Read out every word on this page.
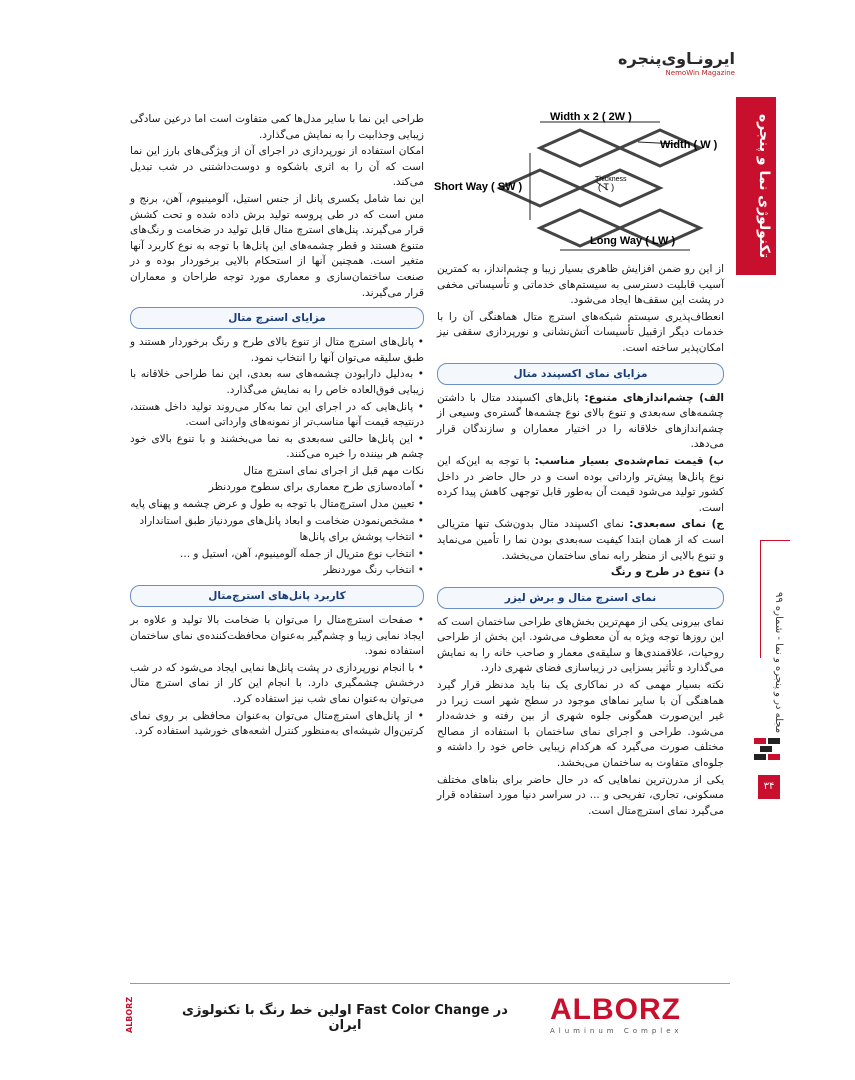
ایرونـاوی‌پنجره
NemoWin Magazine
تکنولوژی نما و پنجره
مجله در و پنجره و نما - شماره ۹۹
۳۴
Width x 2 ( 2W )
Width ( W )
Short Way ( SW )
Thickness
( T )
Long Way ( LW )

از این رو ضمن افزایش ظاهری بسیار زیبا و چشم‌انداز، به کمترین آسیب قابلیت دسترسی به سیستم‌های خدماتی و تأسیساتی مخفی در پشت این سقف‌ها ایجاد می‌شود.

انعطاف‌پذیری سیستم شبکه‌های استرچ متال هماهنگی آن را با خدمات دیگر ازقبیل تأسیسات آتش‌نشانی و نورپردازی سقفی نیز امکان‌پذیر ساخته است.

مزایای نمای اکسپندد متال

الف) چشم‌اندازهای متنوع: پانل‌های اکسپندد متال با داشتن چشمه‌های سه‌بعدی و تنوع بالای نوع چشمه‌ها گستره‌ی وسیعی از چشم‌اندازهای خلاقانه را در اختیار معماران و سازندگان قرار می‌دهد.

ب) قیمت تمام‌شده‌ی بسیار مناسب: با توجه به این‌که این نوع پانل‌ها پیش‌تر وارداتی بوده است و در حال حاضر در داخل کشور تولید می‌شود قیمت آن به‌طور قابل توجهی کاهش پیدا کرده است.

ج) نمای سه‌بعدی: نمای اکسپندد متال بدون‌شک تنها متریالی است که از همان ابتدا کیفیت سه‌بعدی بودن نما را تأمین می‌نماید و تنوع بالایی از منظر رابه نمای ساختمان می‌بخشد.

د) تنوع در طرح و رنگ

نمای استرچ متال و برش لیزر

نمای بیرونی یکی از مهم‌ترین بخش‌های طراحی ساختمان است که این روزها توجه ویژه به آن معطوف می‌شود. این بخش از طراحی روحیات، علاقمندی‌ها و سلیقه‌ی معمار و صاحب خانه را به نمایش می‌گذارد و تأثیر بسزایی در زیباسازی فضای شهری دارد.

نکته بسیار مهمی که در نماکاری یک بنا باید مدنظر قرار گیرد هماهنگی آن با سایر نماهای موجود در سطح شهر است زیرا در غیر این‌صورت همگونی جلوه شهری از بین رفته و خدشه‌دار می‌شود. طراحی و اجرای نمای ساختمان با استفاده از مصالح مختلف صورت می‌گیرد که هرکدام زیبایی خاص خود را داشته و جلوه‌ای متفاوت به ساختمان می‌بخشد.

یکی از مدرن‌ترین نماهایی که در حال حاضر برای بناهای مختلف مسکونی، تجاری، تفریحی و ... در سراسر دنیا مورد استفاده قرار می‌گیرد نمای استرچ‌متال است.

طراحی این نما با سایر مدل‌ها کمی متفاوت است اما درعین سادگی زیبایی وجذابیت را به نمایش می‌گذارد.

امکان استفاده از نورپردازی در اجرای آن از ویژگی‌های بارز این نما است که آن را به اثری باشکوه و دوست‌داشتنی در شب تبدیل می‌کند.

این نما شامل یکسری پانل از جنس استیل، آلومینیوم، آهن، برنج و مس است که در طی پروسه تولید برش داده شده و تحت کشش قرار می‌گیرند. پنل‌های استرچ متال قابل تولید در ضخامت و رنگ‌های متنوع هستند و قطر چشمه‌های این پانل‌ها با توجه به نوع کاربرد آنها متغیر است. همچنین آنها از استحکام بالایی برخوردار بوده و در صنعت ساختمان‌سازی و معماری مورد توجه طراحان و معماران قرار می‌گیرند.

مزایای استرچ متال

• پانل‌های استرچ متال از تنوع بالای طرح و رنگ برخوردار هستند و طبق سلیقه می‌توان آنها را انتخاب نمود.

• به‌دلیل دارابودن چشمه‌های سه بعدی، این نما طراحی خلاقانه با زیبایی فوق‌العاده خاص را به نمایش می‌گذارد.

• پانل‌هایی که در اجرای این نما به‌کار می‌روند تولید داخل هستند، درنتیجه قیمت آنها مناسب‌تر از نمونه‌های وارداتی است.

• این پانل‌ها حالتی سه‌بعدی به نما می‌بخشند و با تنوع بالای خود چشم هر بیننده را خیره می‌کنند.

نکات مهم قبل از اجرای نمای استرچ متال

• آماده‌سازی طرح معماری برای سطوح مورد‌نظر

• تعیین مدل استرچ‌متال با توجه به طول و عرض چشمه و پهنای پایه

• مشخص‌نمودن ضخامت و ابعاد پانل‌های موردنیاز طبق استانداراد

• انتخاب پوشش برای پانل‌ها

• انتخاب نوع متریال از جمله آلومینیوم، آهن، استیل و ...

• انتخاب رنگ مورد‌نظر

کاربرد پانل‌های استرچ‌متال

• صفحات استرچ‌متال را می‌توان با ضخامت بالا تولید و علاوه بر ایجاد نمایی زیبا و چشم‌گیر به‌عنوان محافظت‌کننده‌ی نمای ساختمان استفاده نمود.

• با انجام نورپردازی در پشت پانل‌ها نمایی ایجاد می‌شود که در شب درخشش چشمگیری دارد. با انجام این کار از نمای استرچ متال می‌توان به‌عنوان نمای شب نیز استفاده کرد.

• از پانل‌های استرچ‌متال می‌توان به‌عنوان محافظی بر روی نمای کرتین‌وال شیشه‌ای به‌منظور کنترل اشعه‌های خورشید استفاده کرد.

اولین خط رنگ با تکنولوژی Fast Color Change در ایران	ALBORZ
Aluminum Complex
ALBORZ
